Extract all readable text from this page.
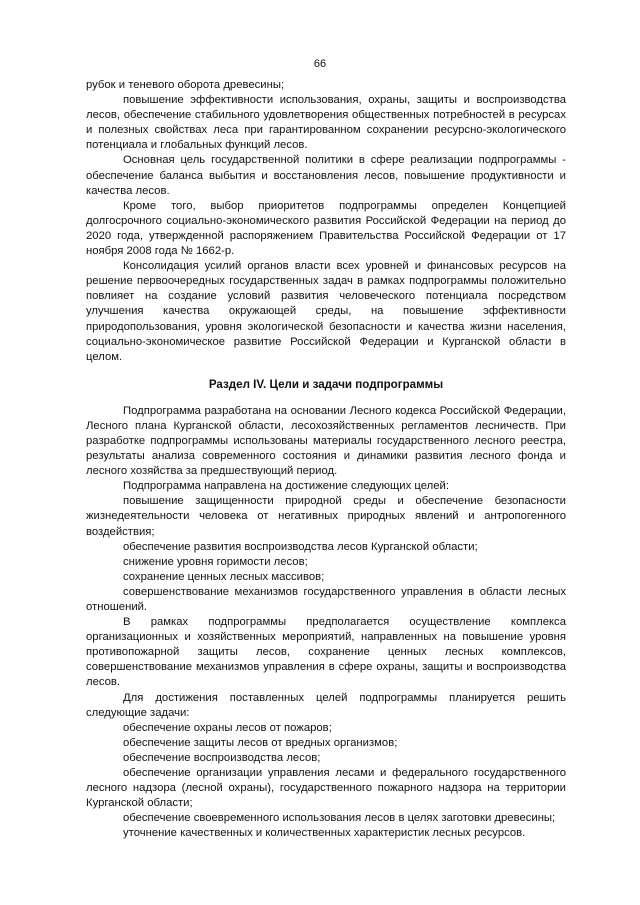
66

рубок и теневого оборота древесины;

повышение эффективности использования, охраны, защиты и воспроизводства лесов, обеспечение стабильного удовлетворения общественных потребностей в ресурсах и полезных свойствах леса при гарантированном сохранении ресурсно-экологического потенциала и глобальных функций лесов.

Основная цель государственной политики в сфере реализации подпрограммы - обеспечение баланса выбытия и восстановления лесов, повышение продуктивности и качества лесов.

Кроме того, выбор приоритетов подпрограммы определен Концепцией долгосрочного социально-экономического развития Российской Федерации на период до 2020 года, утвержденной распоряжением Правительства Российской Федерации от 17 ноября 2008 года № 1662-р.

Консолидация усилий органов власти всех уровней и финансовых ресурсов на решение первоочередных государственных задач в рамках подпрограммы положительно повлияет на создание условий развития человеческого потенциала посредством улучшения качества окружающей среды, на повышение эффективности природопользования, уровня экологической безопасности и качества жизни населения, социально-экономическое развитие Российской Федерации и Курганской области в целом.

Раздел IV. Цели и задачи подпрограммы

Подпрограмма разработана на основании Лесного кодекса Российской Федерации, Лесного плана Курганской области, лесохозяйственных регламентов лесничеств. При разработке подпрограммы использованы материалы государственного лесного реестра, результаты анализа современного состояния и динамики развития лесного фонда и лесного хозяйства за предшествующий период.

Подпрограмма направлена на достижение следующих целей:

повышение защищенности природной среды и обеспечение безопасности жизнедеятельности человека от негативных природных явлений и антропогенного воздействия;

обеспечение развития воспроизводства лесов Курганской области;

снижение уровня горимости лесов;

сохранение ценных лесных массивов;

совершенствование механизмов государственного управления в области лесных отношений.

В рамках подпрограммы предполагается осуществление комплекса организационных и хозяйственных мероприятий, направленных на повышение уровня противопожарной защиты лесов, сохранение ценных лесных комплексов, совершенствование механизмов управления в сфере охраны, защиты и воспроизводства лесов.

Для достижения поставленных целей подпрограммы планируется решить следующие задачи:

обеспечение охраны лесов от пожаров;

обеспечение защиты лесов от вредных организмов;

обеспечение воспроизводства лесов;

обеспечение организации управления лесами и федерального государственного лесного надзора (лесной охраны), государственного пожарного надзора на территории Курганской области;

обеспечение своевременного использования лесов в целях заготовки древесины;

уточнение качественных и количественных характеристик лесных ресурсов.
